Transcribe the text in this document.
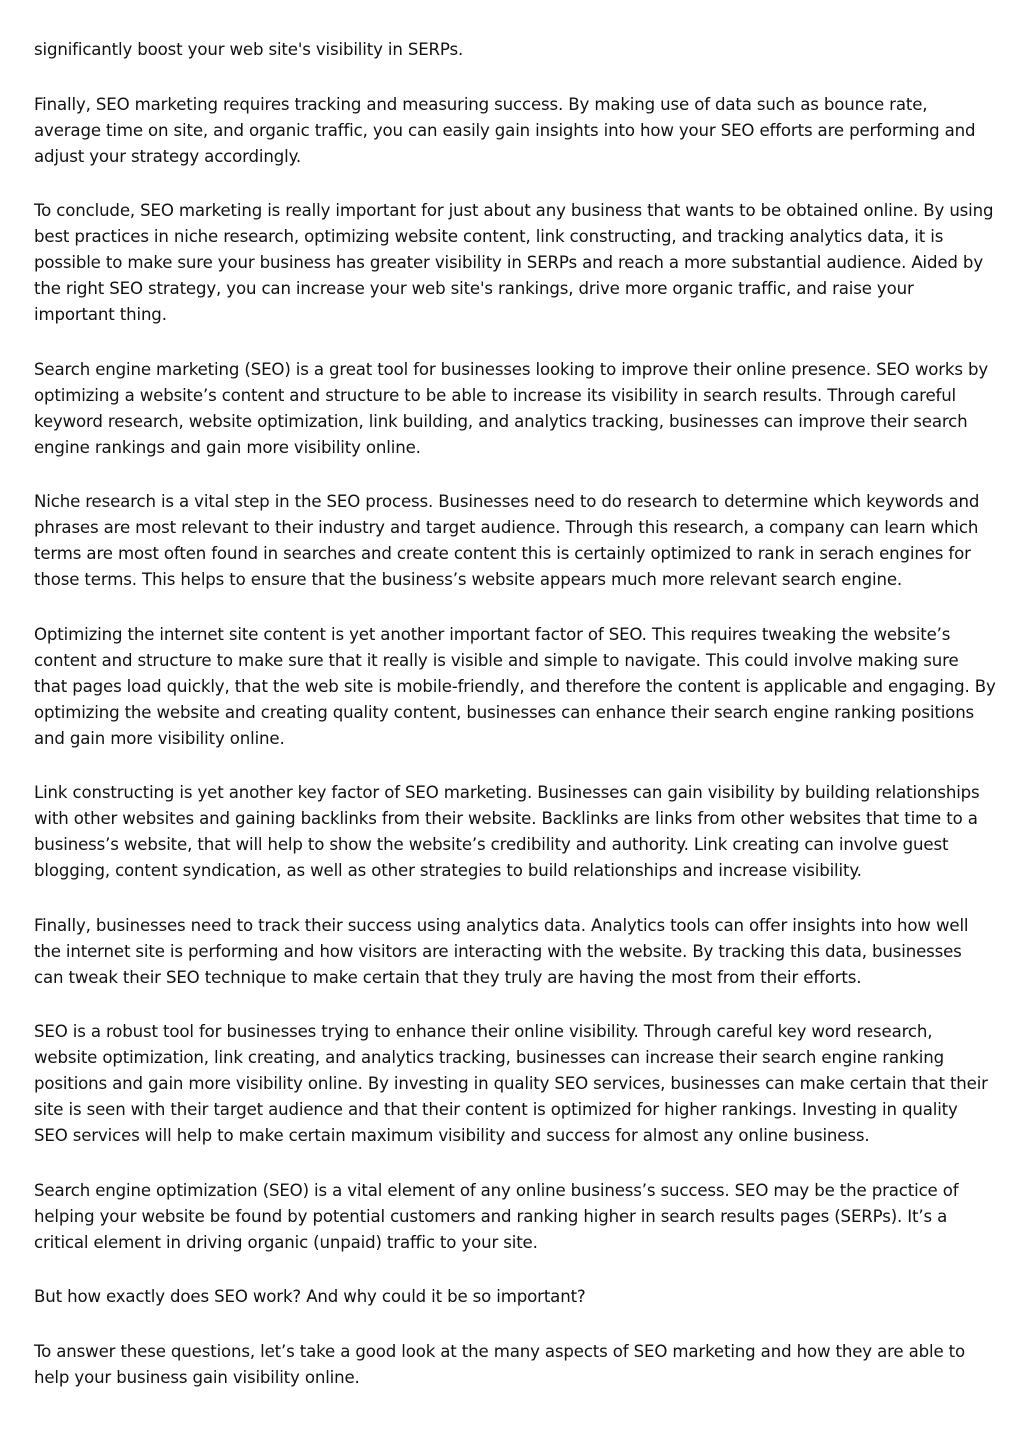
significantly boost your web site's visibility in SERPs.

Finally, SEO marketing requires tracking and measuring success. By making use of data such as bounce rate, average time on site, and organic traffic, you can easily gain insights into how your SEO efforts are performing and adjust your strategy accordingly.

To conclude, SEO marketing is really important for just about any business that wants to be obtained online. By using best practices in niche research, optimizing website content, link constructing, and tracking analytics data, it is possible to make sure your business has greater visibility in SERPs and reach a more substantial audience. Aided by the right SEO strategy, you can increase your web site's rankings, drive more organic traffic, and raise your important thing.

Search engine marketing (SEO) is a great tool for businesses looking to improve their online presence. SEO works by optimizing a website’s content and structure to be able to increase its visibility in search results. Through careful keyword research, website optimization, link building, and analytics tracking, businesses can improve their search engine rankings and gain more visibility online.

Niche research is a vital step in the SEO process. Businesses need to do research to determine which keywords and phrases are most relevant to their industry and target audience. Through this research, a company can learn which terms are most often found in searches and create content this is certainly optimized to rank in serach engines for those terms. This helps to ensure that the business’s website appears much more relevant search engine.

Optimizing the internet site content is yet another important factor of SEO. This requires tweaking the website’s content and structure to make sure that it really is visible and simple to navigate. This could involve making sure that pages load quickly, that the web site is mobile-friendly, and therefore the content is applicable and engaging. By optimizing the website and creating quality content, businesses can enhance their search engine ranking positions and gain more visibility online.

Link constructing is yet another key factor of SEO marketing. Businesses can gain visibility by building relationships with other websites and gaining backlinks from their website. Backlinks are links from other websites that time to a business’s website, that will help to show the website’s credibility and authority. Link creating can involve guest blogging, content syndication, as well as other strategies to build relationships and increase visibility.

Finally, businesses need to track their success using analytics data. Analytics tools can offer insights into how well the internet site is performing and how visitors are interacting with the website. By tracking this data, businesses can tweak their SEO technique to make certain that they truly are having the most from their efforts.

SEO is a robust tool for businesses trying to enhance their online visibility. Through careful key word research, website optimization, link creating, and analytics tracking, businesses can increase their search engine ranking positions and gain more visibility online. By investing in quality SEO services, businesses can make certain that their site is seen with their target audience and that their content is optimized for higher rankings. Investing in quality SEO services will help to make certain maximum visibility and success for almost any online business.

Search engine optimization (SEO) is a vital element of any online business’s success. SEO may be the practice of helping your website be found by potential customers and ranking higher in search results pages (SERPs). It’s a critical element in driving organic (unpaid) traffic to your site.

But how exactly does SEO work? And why could it be so important?

To answer these questions, let’s take a good look at the many aspects of SEO marketing and how they are able to help your business gain visibility online.
